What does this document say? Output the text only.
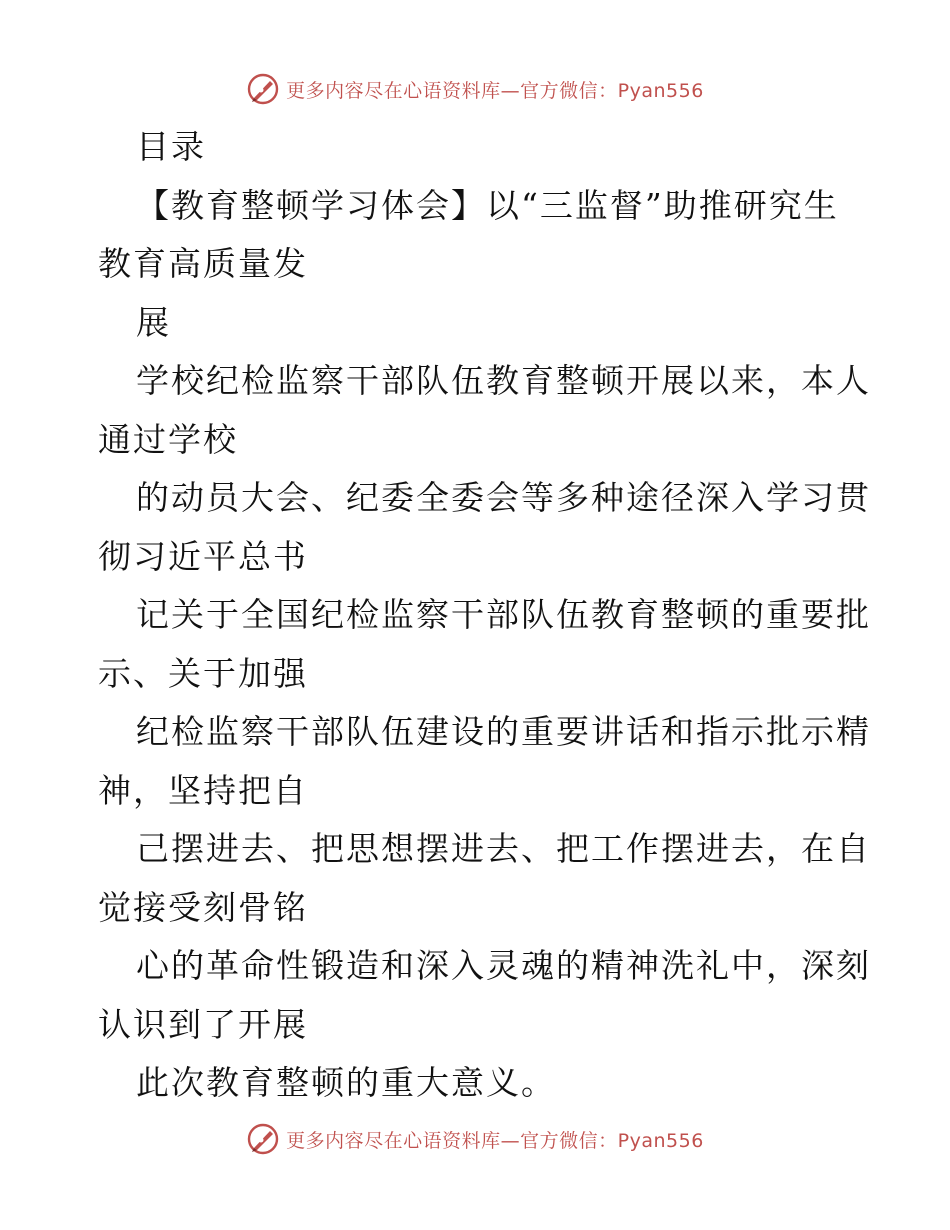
更多内容尽在心语资料库—官方微信：Pyan556
目录
【教育整顿学习体会】以“三监督”助推研究生
教育高质量发
展
学校纪检监察干部队伍教育整顿开展以来，本人
通过学校
的动员大会、纪委全委会等多种途径深入学习贯
彻习近平总书
记关于全国纪检监察干部队伍教育整顿的重要批
示、关于加强
纪检监察干部队伍建设的重要讲话和指示批示精
神，坚持把自
己摆进去、把思想摆进去、把工作摆进去，在自
觉接受刻骨铭
心的革命性锻造和深入灵魂的精神洗礼中，深刻
认识到了开展
此次教育整顿的重大意义。
更多内容尽在心语资料库—官方微信：Pyan556
